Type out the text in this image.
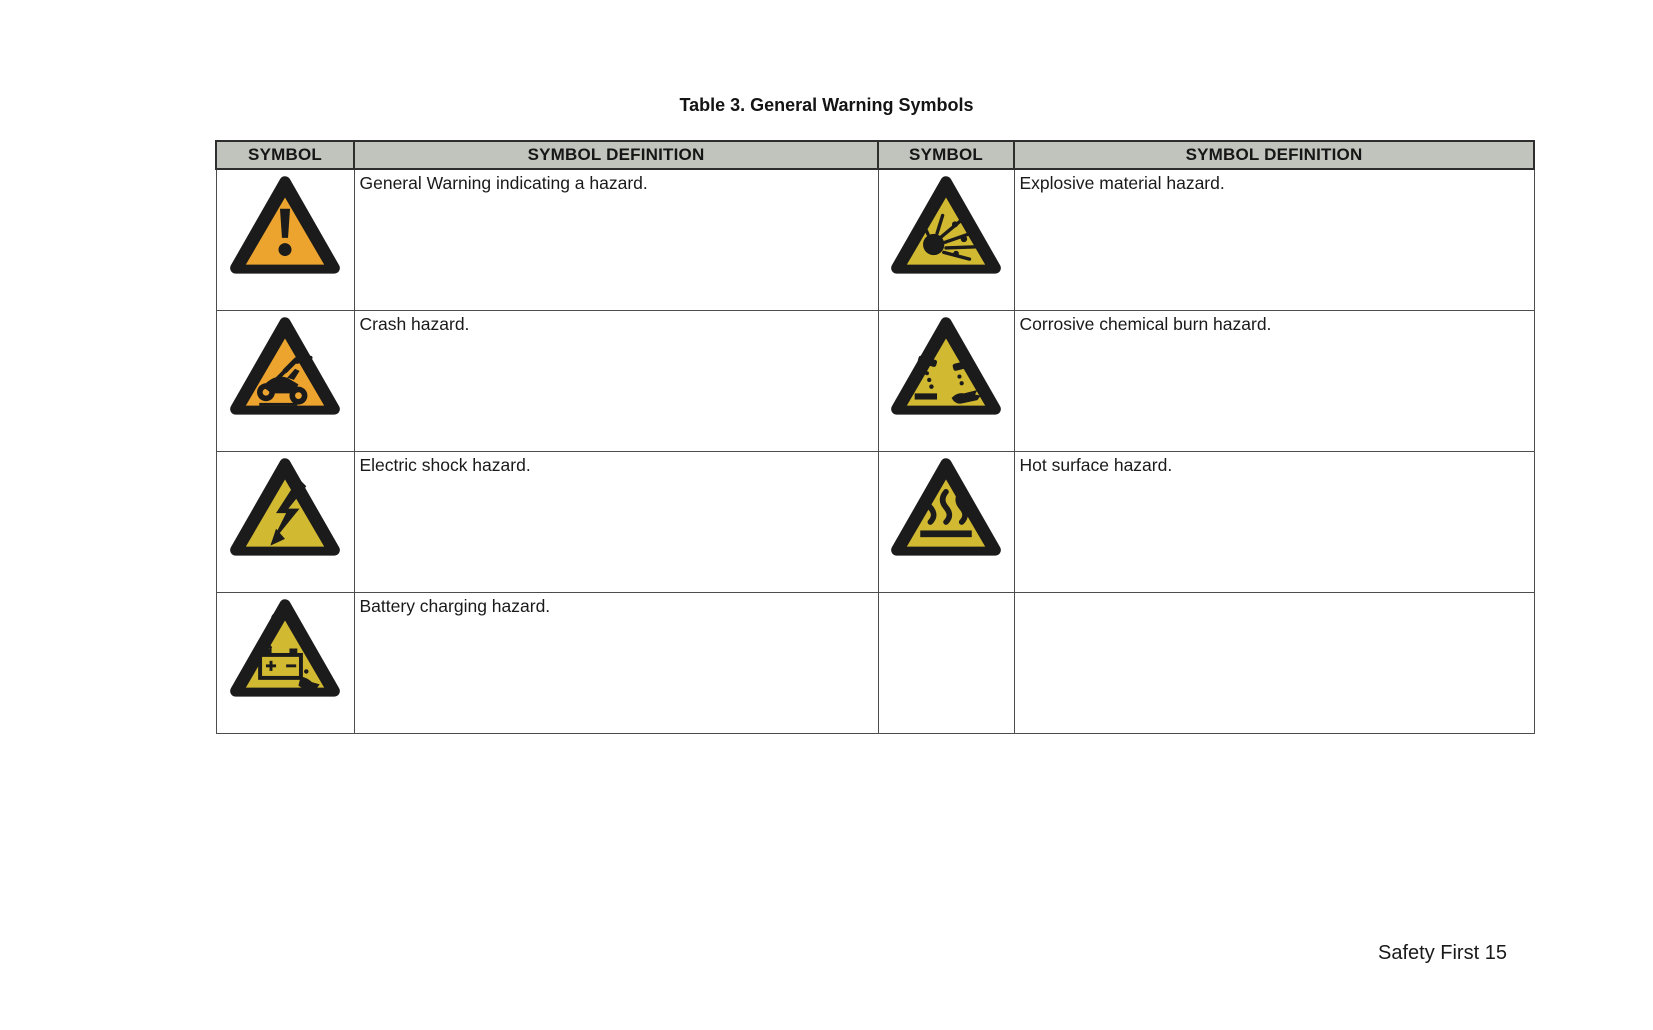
Table 3. General Warning Symbols
SYMBOL	SYMBOL DEFINITION	SYMBOL	SYMBOL DEFINITION
	General Warning indicating a hazard.		Explosive material hazard.
	Crash hazard.		Corrosive chemical burn hazard.
	Electric shock hazard.		Hot surface hazard.
	Battery charging hazard.		
Safety First 15
